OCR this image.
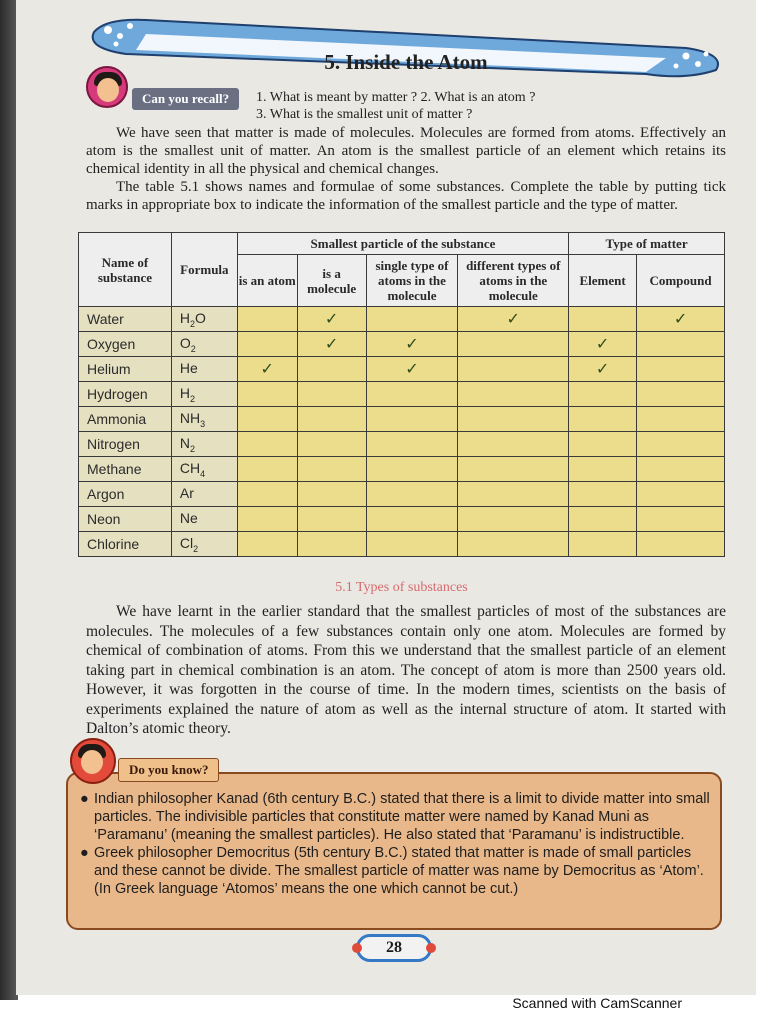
5. Inside the Atom
Can you recall?	1. What is meant by matter ? 2. What is an atom ?
3. What is the smallest unit of matter ?
We have seen that matter is made of molecules. Molecules are formed from atoms. Effectively an atom is the smallest unit of matter. An atom is the smallest particle of an element which retains its chemical identity in all the physical and chemical changes.
The table 5.1 shows names and formulae of some substances. Complete the table by putting tick marks in appropriate box to indicate the information of the smallest particle and the type of matter.
Name of substance	Formula	Smallest particle of the substance				Type of matter	
		is an atom	is a molecule	single type of atoms in the molecule	different types of atoms in the molecule	Element	Compound
Water	$H_2O$		✓		✓		✓
Oxygen	$O_2$		✓	✓		✓	
Helium	He	✓		✓		✓	
Hydrogen	$H_2$						
Ammonia	$NH_3$						
Nitrogen	$N_2$						
Methane	$CH_4$						
Argon	Ar						
Neon	Ne						
Chlorine	$Cl_2$						
5.1 Types of substances
We have learnt in the earlier standard that the smallest particles of most of the substances are molecules. The molecules of a few substances contain only one atom. Molecules are formed by chemical of combination of atoms. From this we understand that the smallest particle of an element taking part in chemical combination is an atom. The concept of atom is more than 2500 years old. However, it was forgotten in the course of time. In the modern times, scientists on the basis of experiments explained the nature of atom as well as the internal structure of atom. It started with Dalton’s atomic theory.
Do you know?
● Indian philosopher Kanad (6th century B.C.) stated that there is a limit to divide matter into small particles. The indivisible particles that constitute matter were named by Kanad Muni as ‘Paramanu’ (meaning the smallest particles). He also stated that ‘Paramanu’ is indistructible.
● Greek philosopher Democritus (5th century B.C.) stated that matter is made of small particles and these cannot be divide. The smallest particle of matter was name by Democritus as ‘Atom’. (In Greek language ‘Atomos’ means the one which cannot be cut.)
28
Scanned with CamScanner
